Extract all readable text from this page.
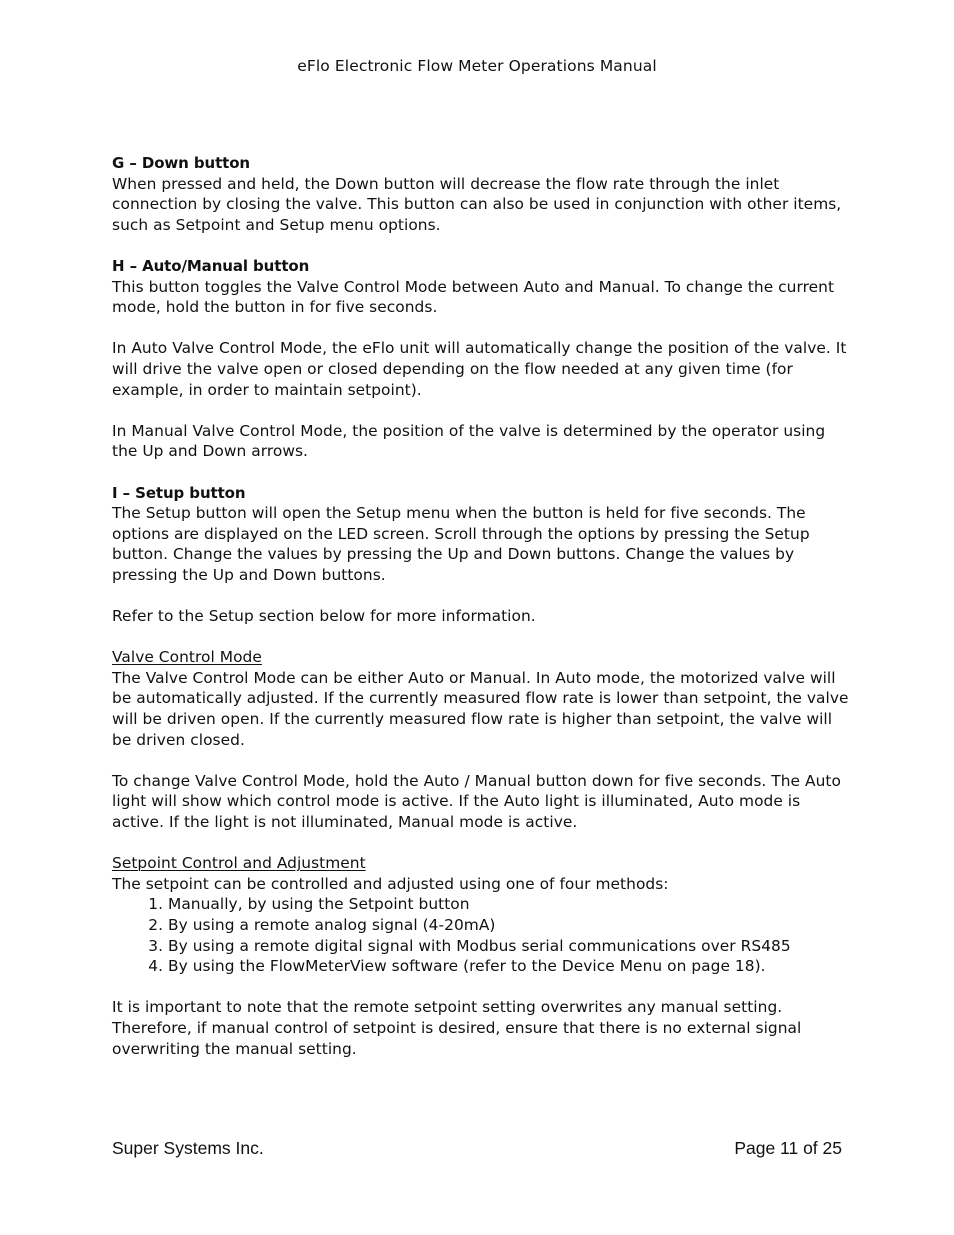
eFlo Electronic Flow Meter Operations Manual

G – Down button

When pressed and held, the Down button will decrease the flow rate through the inlet connection by closing the valve. This button can also be used in conjunction with other items, such as Setpoint and Setup menu options.

H – Auto/Manual button

This button toggles the Valve Control Mode between Auto and Manual. To change the current mode, hold the button in for five seconds.

In Auto Valve Control Mode, the eFlo unit will automatically change the position of the valve. It will drive the valve open or closed depending on the flow needed at any given time (for example, in order to maintain setpoint).

In Manual Valve Control Mode, the position of the valve is determined by the operator using the Up and Down arrows.

I – Setup button

The Setup button will open the Setup menu when the button is held for five seconds. The options are displayed on the LED screen. Scroll through the options by pressing the Setup button. Change the values by pressing the Up and Down buttons. Change the values by pressing the Up and Down buttons.

Refer to the Setup section below for more information.

Valve Control Mode

The Valve Control Mode can be either Auto or Manual. In Auto mode, the motorized valve will be automatically adjusted. If the currently measured flow rate is lower than setpoint, the valve will be driven open. If the currently measured flow rate is higher than setpoint, the valve will be driven closed.

To change Valve Control Mode, hold the Auto / Manual button down for five seconds. The Auto light will show which control mode is active. If the Auto light is illuminated, Auto mode is active. If the light is not illuminated, Manual mode is active.

Setpoint Control and Adjustment

The setpoint can be controlled and adjusted using one of four methods:

1. Manually, by using the Setpoint button
2. By using a remote analog signal (4-20mA)
3. By using a remote digital signal with Modbus serial communications over RS485
4. By using the FlowMeterView software (refer to the Device Menu on page 18).

It is important to note that the remote setpoint setting overwrites any manual setting. Therefore, if manual control of setpoint is desired, ensure that there is no external signal overwriting the manual setting.

Super Systems Inc.	Page 11 of 25
